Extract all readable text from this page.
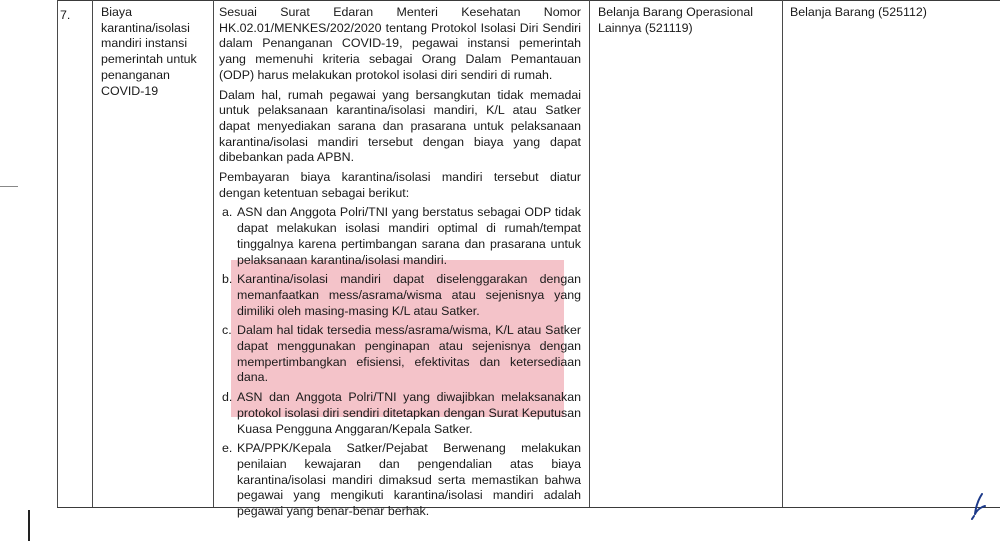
7. Biaya karantina/isolasi mandiri instansi pemerintah untuk penanganan COVID-19

Sesuai Surat Edaran Menteri Kesehatan Nomor HK.02.01/MENKES/202/2020 tentang Protokol Isolasi Diri Sendiri dalam Penanganan COVID-19, pegawai instansi pemerintah yang memenuhi kriteria sebagai Orang Dalam Pemantauan (ODP) harus melakukan protokol isolasi diri sendiri di rumah.

Dalam hal, rumah pegawai yang bersangkutan tidak memadai untuk pelaksanaan karantina/isolasi mandiri, K/L atau Satker dapat menyediakan sarana dan prasarana untuk pelaksanaan karantina/isolasi mandiri tersebut dengan biaya yang dapat dibebankan pada APBN.

Pembayaran biaya karantina/isolasi mandiri tersebut diatur dengan ketentuan sebagai berikut:

a. ASN dan Anggota Polri/TNI yang berstatus sebagai ODP tidak dapat melakukan isolasi mandiri optimal di rumah/tempat tinggalnya karena pertimbangan sarana dan prasarana untuk pelaksanaan karantina/isolasi mandiri.
b. Karantina/isolasi mandiri dapat diselenggarakan dengan memanfaatkan mess/asrama/wisma atau sejenisnya yang dimiliki oleh masing-masing K/L atau Satker.
c. Dalam hal tidak tersedia mess/asrama/wisma, K/L atau Satker dapat menggunakan penginapan atau sejenisnya dengan mempertimbangkan efisiensi, efektivitas dan ketersediaan dana.
d. ASN dan Anggota Polri/TNI yang diwajibkan melaksanakan protokol isolasi diri sendiri ditetapkan dengan Surat Keputusan Kuasa Pengguna Anggaran/Kepala Satker.
e. KPA/PPK/Kepala Satker/Pejabat Berwenang melakukan penilaian kewajaran dan pengendalian atas biaya karantina/isolasi mandiri dimaksud serta memastikan bahwa pegawai yang mengikuti karantina/isolasi mandiri adalah pegawai yang benar-benar berhak.
Belanja Barang Operasional Lainnya (521119)
Belanja Barang (525112)
